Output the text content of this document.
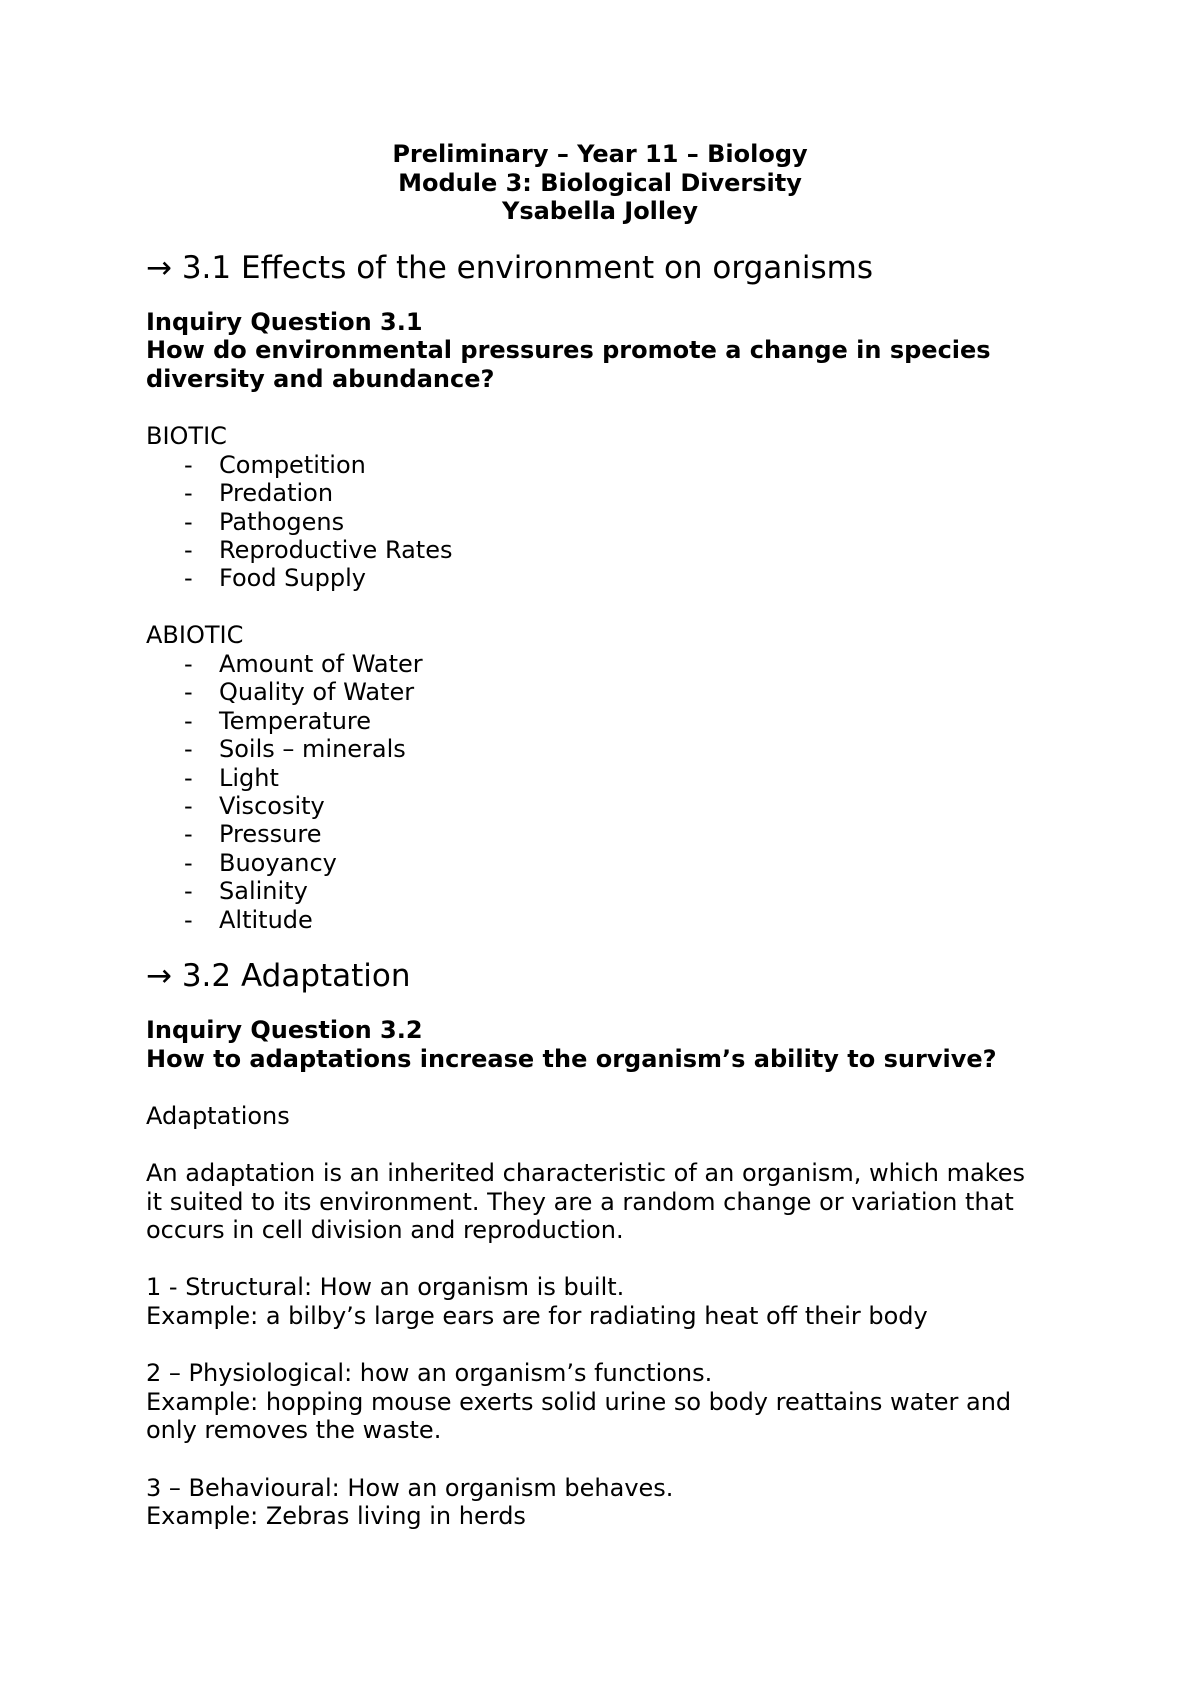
Preliminary – Year 11 – Biology
Module 3: Biological Diversity
Ysabella Jolley
→ 3.1 Effects of the environment on organisms
Inquiry Question 3.1
How do environmental pressures promote a change in species
diversity and abundance?
BIOTIC
- Competition
- Predation
- Pathogens
- Reproductive Rates
- Food Supply
ABIOTIC
- Amount of Water
- Quality of Water
- Temperature
- Soils – minerals
- Light
- Viscosity
- Pressure
- Buoyancy
- Salinity
- Altitude
→ 3.2 Adaptation
Inquiry Question 3.2
How to adaptations increase the organism’s ability to survive?
Adaptations
An adaptation is an inherited characteristic of an organism, which makes
it suited to its environment. They are a random change or variation that
occurs in cell division and reproduction.
1 - Structural: How an organism is built.
Example: a bilby’s large ears are for radiating heat off their body
2 – Physiological: how an organism’s functions.
Example: hopping mouse exerts solid urine so body reattains water and
only removes the waste.
3 – Behavioural: How an organism behaves.
Example: Zebras living in herds
